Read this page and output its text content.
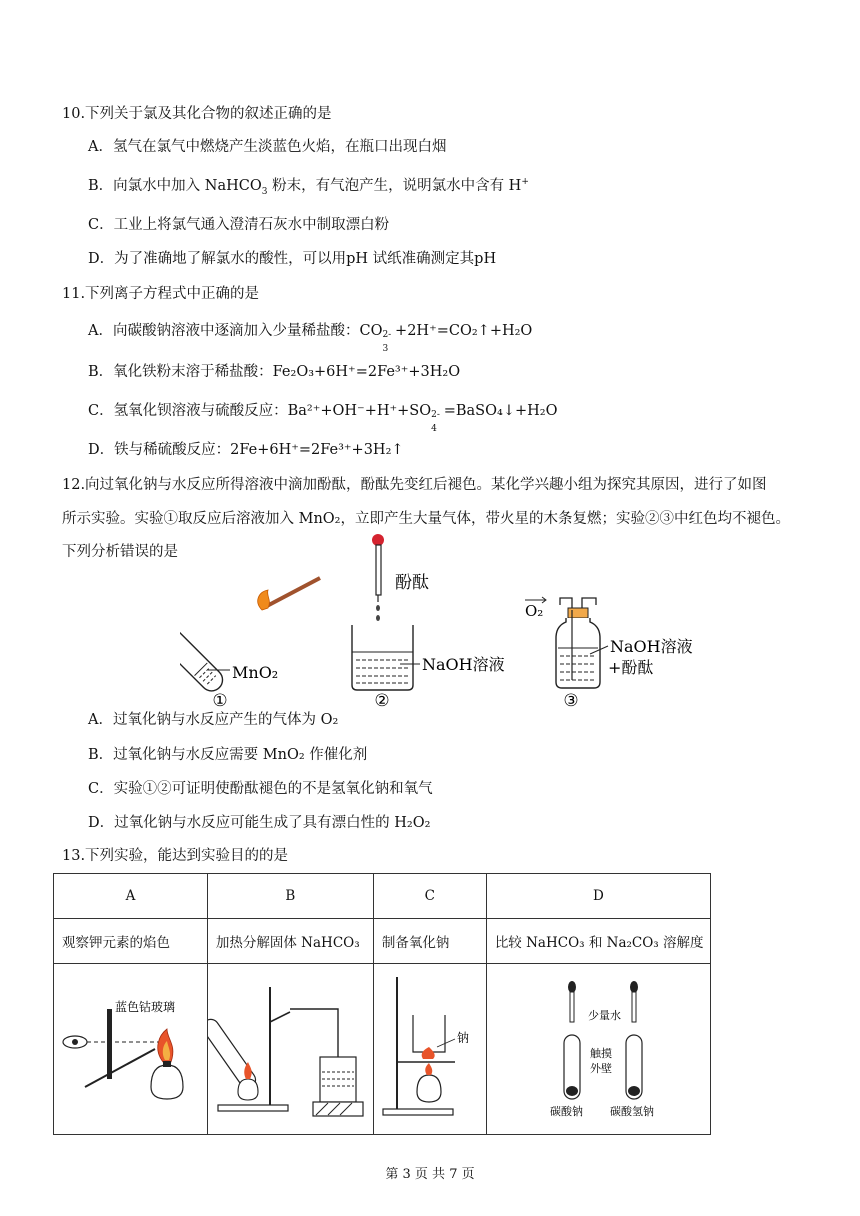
10.下列关于氯及其化合物的叙述正确的是
A．氢气在氯气中燃烧产生淡蓝色火焰，在瓶口出现白烟
B．向氯水中加入 NaHCO$_3$ 粉末，有气泡产生，说明氯水中含有 H+
C．工业上将氯气通入澄清石灰水中制取漂白粉
D．为了准确地了解氯水的酸性，可以用pH 试纸准确测定其pH
11.下列离子方程式中正确的是
A．向碳酸钠溶液中逐滴加入少量稀盐酸：CO 2-
3
+2H⁺=CO₂↑+H₂O
B．氧化铁粉末溶于稀盐酸：Fe₂O₃+6H⁺=2Fe³⁺+3H₂O
C．氢氧化钡溶液与硫酸反应：Ba²⁺+OH⁻+H⁺+SO 2-
4
=BaSO₄↓+H₂O
D．铁与稀硫酸反应：2Fe+6H⁺=2Fe³⁺+3H₂↑
12.向过氧化钠与水反应所得溶液中滴加酚酞，酚酞先变红后褪色。某化学兴趣小组为探究其原因，进行了如图
所示实验。实验①取反应后溶液加入 MnO₂，立即产生大量气体，带火星的木条复燃；实验②③中红色均不褪色。
下列分析错误的是
MnO₂
①
酚酞
NaOH溶液
②
O₂
NaOH溶液
+酚酞
③
A．过氧化钠与水反应产生的气体为 O₂
B．过氧化钠与水反应需要 MnO₂ 作催化剂
C．实验①②可证明使酚酞褪色的不是氢氧化钠和氧气
D．过氧化钠与水反应可能生成了具有漂白性的 H₂O₂
13.下列实验，能达到实验目的的是
A	B	C	D
观察钾元素的焰色	加热分解固体 NaHCO₃	制备氧化钠	比较 NaHCO₃ 和 Na₂CO₃ 溶解度

蓝色钴玻璃		钠	少量水
触摸
外壁
碳酸钠 碳酸氢钠
第 3 页 共 7 页
